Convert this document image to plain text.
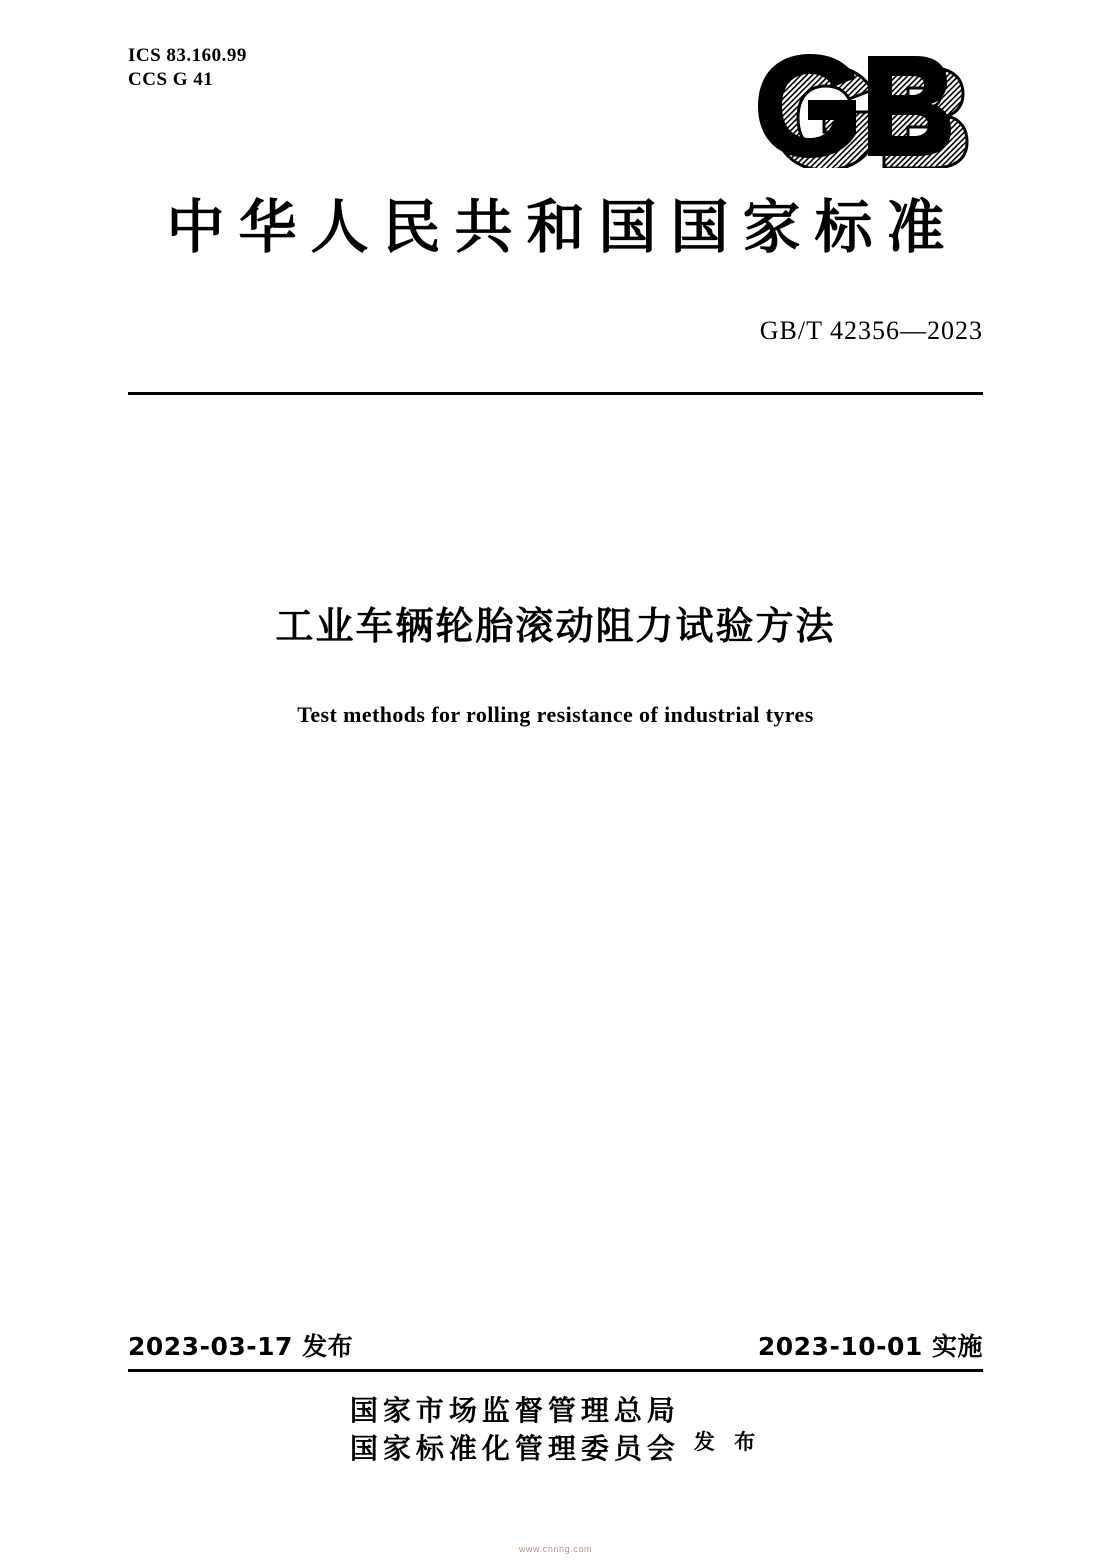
ICS 83.160.99
CCS G 41
中华人民共和国国家标准
GB/T 42356—2023
工业车辆轮胎滚动阻力试验方法
Test methods for rolling resistance of industrial tyres
2023-03-17 发布	2023-10-01 实施
国家市场监督管理总局
国家标准化管理委员会 发 布
www.cnnhg.com
